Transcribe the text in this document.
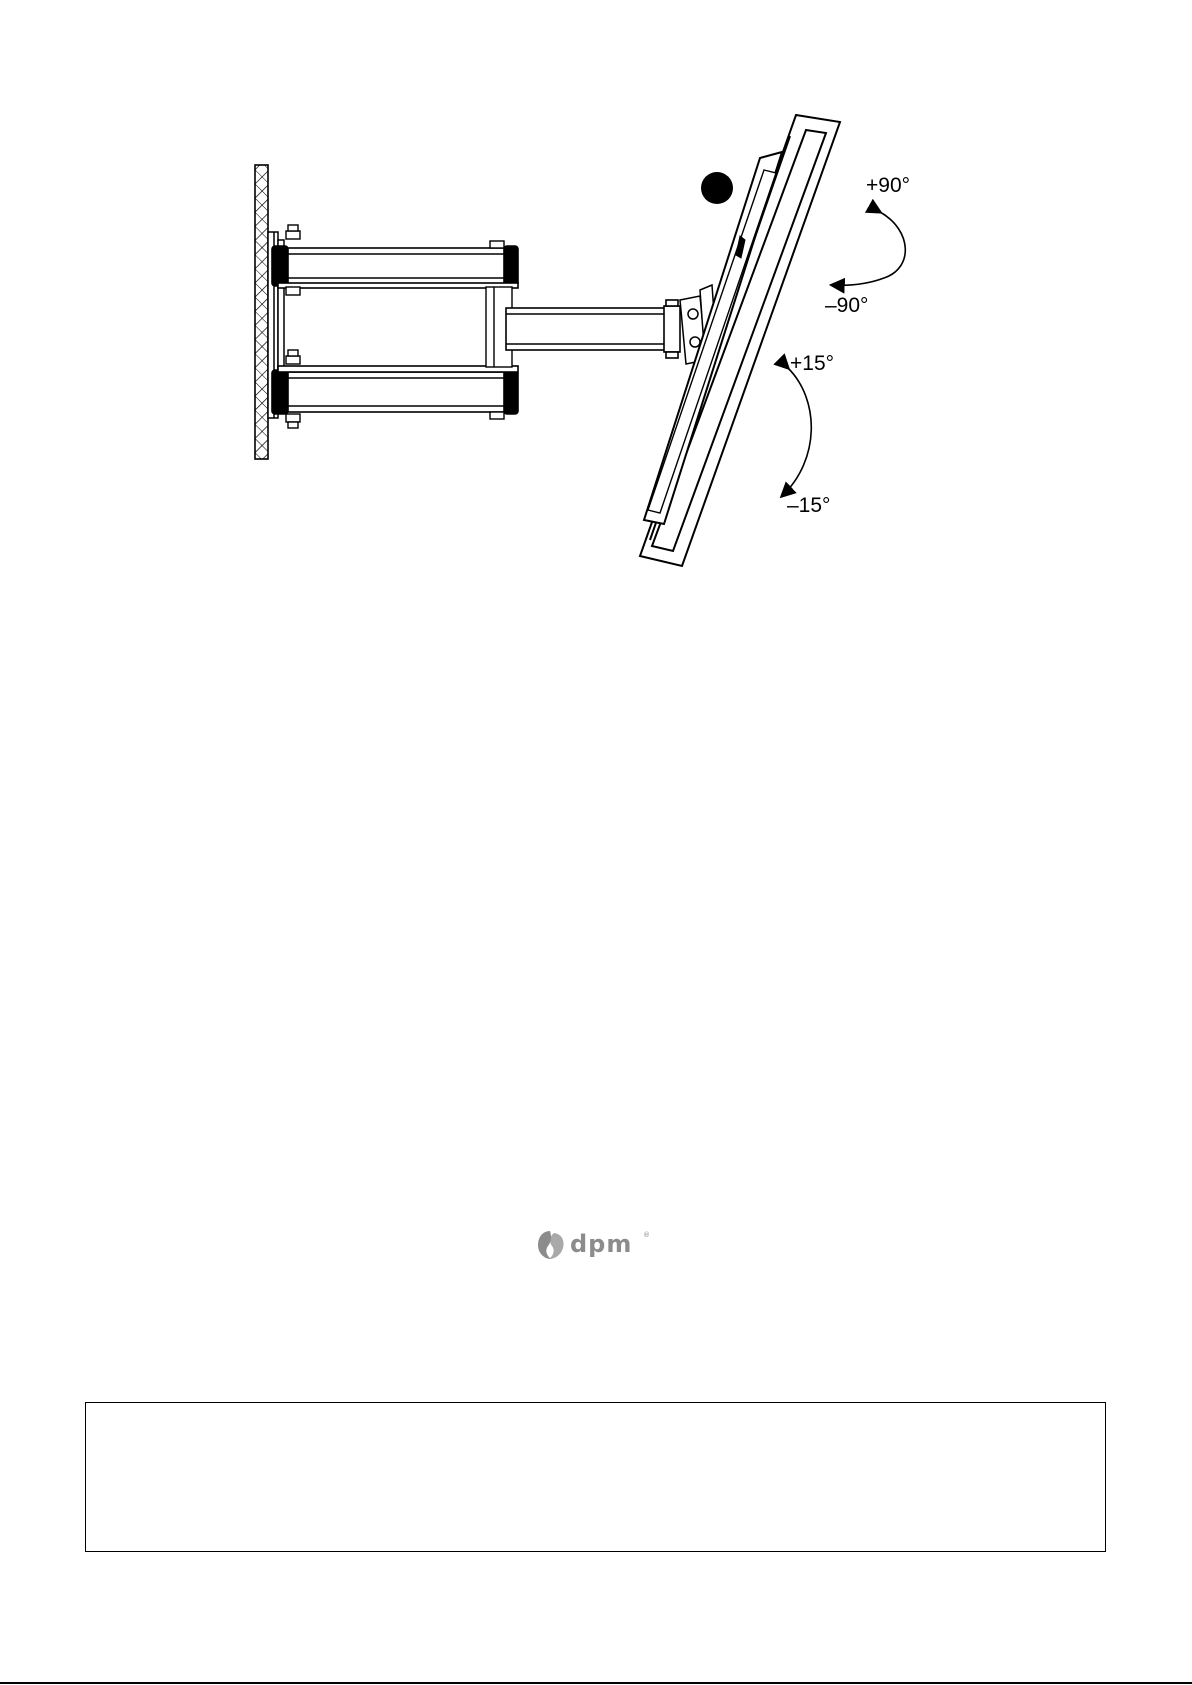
+90°
–90°
+15°
–15°
dpm ®
